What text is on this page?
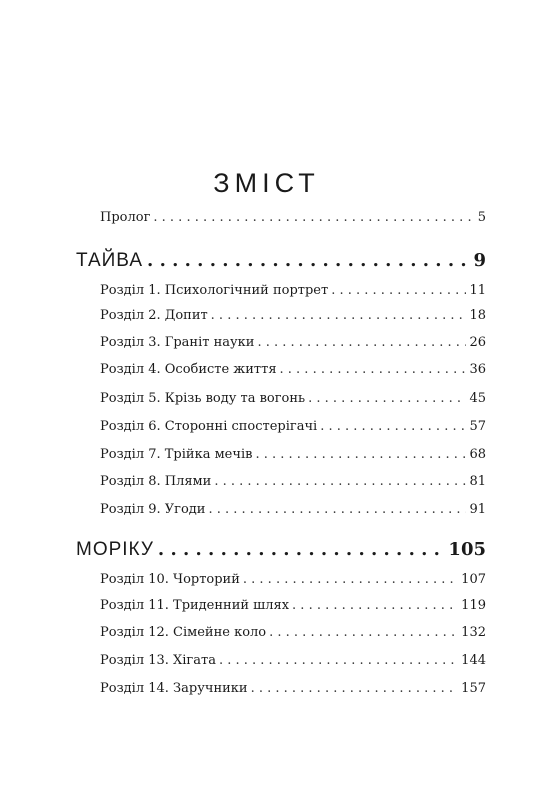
ЗМІСТ
Пролог . . .	5
ТАЙВА . . .	9
Розділ 1. Психологічний портрет . . .	11
Розділ 2. Допит . . .	18
Розділ 3. Граніт науки . . .	26
Розділ 4. Особисте життя . . .	36
Розділ 5. Крізь воду та вогонь . . .	45
Розділ 6. Сторонні спостерігачі . . .	57
Розділ 7. Трійка мечів . . .	68
Розділ 8. Плями . . .	81
Розділ 9. Угоди . . .	91
МОРІКУ . . .	105
Розділ 10. Чорторий . . .	107
Розділ 11. Триденний шлях . . .	119
Розділ 12. Сімейне коло . . .	132
Розділ 13. Хігата . . .	144
Розділ 14. Заручники . . .	157
